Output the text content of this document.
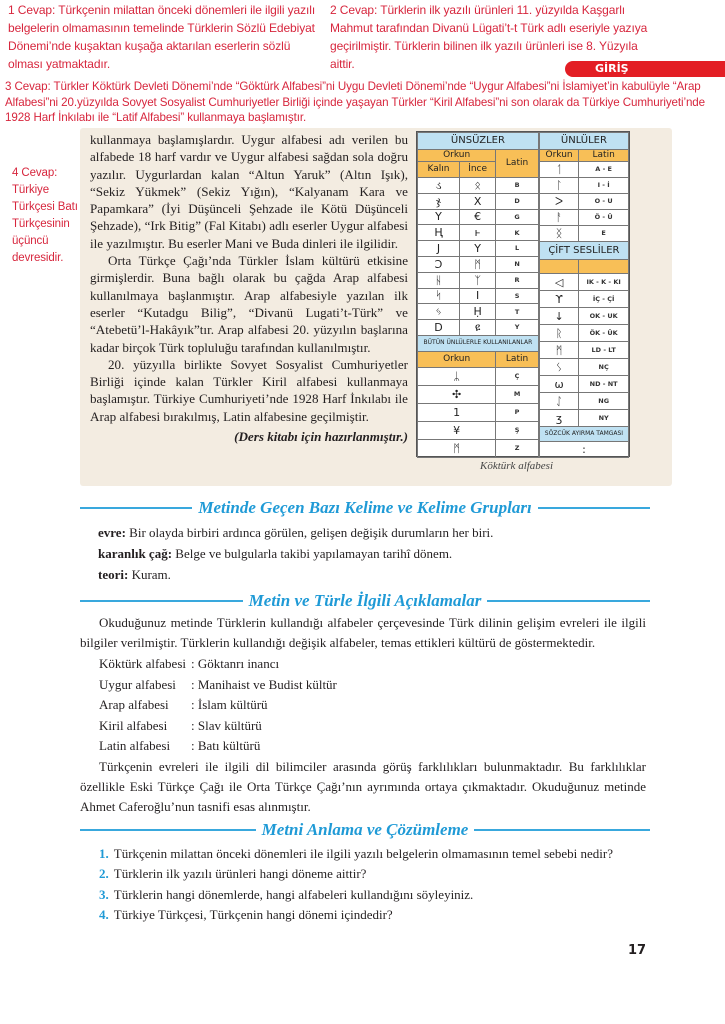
1 Cevap: Türkçenin milattan önceki dönemleri ile ilgili yazılı belgelerin olmamasının temelinde Türklerin Sözlü Edebiyat Dönemi’nde kuşaktan kuşağa aktarılan eserlerin sözlü olması yatmaktadır.
2 Cevap: Türklerin ilk yazılı ürünleri 11. yüzyılda Kaşgarlı Mahmut tarafından Divanü Lügati’t-t Türk adlı eseriyle yazıya geçirilmiştir. Türklerin bilinen ilk yazılı ürünleri ise 8. Yüzyıla aittir.	GİRİŞ
3 Cevap: Türkler Köktürk Devleti Dönemi’nde “Göktürk Alfabesi”ni Uygu Devleti Dönemi’nde “Uygur Alfabesi”ni İslamiyet’in kabulüyle “Arap Alfabesi”ni 20.yüzyılda Sovyet Sosyalist Cumhuriyetler Birliği içinde yaşayan Türkler “Kiril Alfabesi”ni son olarak da Türkiye Cumhuriyeti’nde 1928 Harf İnkılabı ile “Latif Alfabesi” kullanmaya başlamıştır.
4 Cevap: Türkiye Türkçesi Batı Türkçesinin üçüncü devresidir.

kullanmaya başlamışlardır. Uygur alfabesi adı verilen bu alfabede 18 harf vardır ve Uygur alfabesi sağdan sola doğru yazılır. Uygurlardan kalan “Altun Yaruk” (Altın Işık), “Sekiz Yükmek” (Sekiz Yığın), “Kalyanam Kara ve Papamkara” (İyi Düşünceli Şehzade ile Kötü Düşünceli Şehzade), “Irk Bitig” (Fal Kitabı) adlı eserler Uygur alfabesi ile yazılmıştır. Bu eserler Mani ve Buda dinleri ile ilgilidir.

Orta Türkçe Çağı’nda Türkler İslam kültürü etkisine girmişlerdir. Buna bağlı olarak bu çağda Arap alfabesi kullanılmaya başlanmıştır. Arap alfabesiyle yazılan ilk eserler “Kutadgu Bilig”, “Divanü Lugati’t-Türk” ve “Atebetü’l-Hakâyık”tır. Arap alfabesi 20. yüzyılın başlarına kadar birçok Türk topluluğu tarafından kullanılmıştır.

20. yüzyılla birlikte Sovyet Sosyalist Cumhuriyetler Birliği içinde kalan Türkler Kiril alfabesi kullanmaya başlamıştır. Türkiye Cumhuriyeti’nde 1928 Harf İnkılabı ile Arap alfabesi bırakılmış, Latin alfabesine geçilmiştir.

(Ders kitabı için hazırlanmıştır.)

ÜNSÜZLER		
Orkun		Latin
Kalın	İnce	
ડ	ᛟ	B
ჯ	X	D
Y	€	G
Ң	ⱶ	K
J	Y	L
Ɔ	ᛗ	N
ᚺ	ᛉ	R
ᛋ	I	S
ᛃ	Ḥ	T
D	ዩ	Y
BÜTÜN ÜNLÜLERLE KULLANILANLAR		
Orkun		Latin
ᛦ		Ç
✣		M
1		P
¥		Ş
ᛗ		Z
ÜNLÜLER	
Orkun	Latin
ᛐ	A - E
ᛚ	I - İ
ᐳ	O - U
ᚨ	Ö - Ü
ᛝ	E
ÇİFT SESLİLER	

◁	IK - K - KI
ϒ	İÇ - Çİ
↓	OK - UK
ᚱ	ÖK - ÜK
ᛗ	LD - LT
ᛊ	NÇ
ω	ND - NT
ᛇ	NG
ʒ	NY
SÖZCÜK AYIRMA TAMGASI	
:	
Köktürk alfabesi
Metinde Geçen Bazı Kelime ve Kelime Grupları
evre: Bir olayda birbiri ardınca görülen, gelişen değişik durumların her biri.
karanlık çağ: Belge ve bulgularla takibi yapılamayan tarihî dönem.
teori: Kuram.
Metin ve Türle İlgili Açıklamalar
Okuduğunuz metinde Türklerin kullandığı alfabeler çerçevesinde Türk dilinin gelişim evreleri ile ilgili bilgiler verilmiştir. Türklerin kullandığı değişik alfabeler, temas ettikleri kültürü de göstermektedir.
Köktürk alfabesi : Göktanrı inancı
Uygur alfabesi	: Manihaist ve Budist kültür
Arap alfabesi	: İslam kültürü
Kiril alfabesi	: Slav kültürü
Latin alfabesi	: Batı kültürü
Türkçenin evreleri ile ilgili dil bilimciler arasında görüş farklılıkları bulunmaktadır. Bu farklılıklar özellikle Eski Türkçe Çağı ile Orta Türkçe Çağı’nın ayrımında ortaya çıkmaktadır. Okuduğunuz metinde Ahmet Caferoğlu’nun tasnifi esas alınmıştır.
Metni Anlama ve Çözümleme
1. Türkçenin milattan önceki dönemleri ile ilgili yazılı belgelerin olmamasının temel sebebi nedir?
2. Türklerin ilk yazılı ürünleri hangi döneme aittir?
3. Türklerin hangi dönemlerde, hangi alfabeleri kullandığını söyleyiniz.
4. Türkiye Türkçesi, Türkçenin hangi dönemi içindedir?
17
